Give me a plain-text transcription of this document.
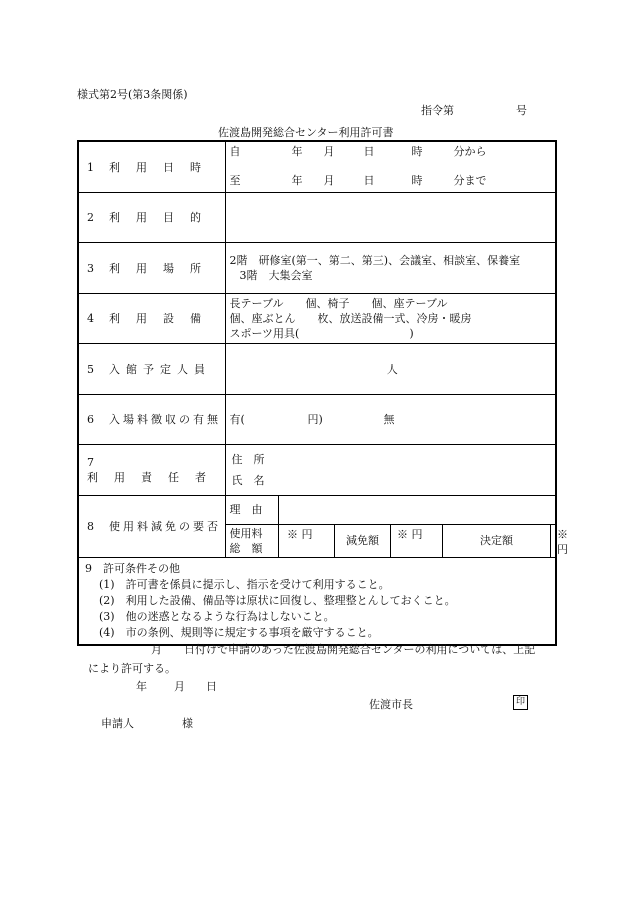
様式第2号(第3条関係)
指令第	号
佐渡島開発総合センター利用許可書
1 利用日時	
自	年 月	日	時	分から
至	年 月	日	時	分まで

2 利用目的	
3 利用場所	
2階　研修室(第一、第二、第三)、会議室、相談室、保養室
3階　大集会室

4 利用設備	
長テーブル　　個、椅子　　個、座テーブル
個、座ぶとん　　枚、放送設備一式、冷房・暖房
スポーツ用具(　　　　　　　　　　)

5 入館予定人員	人
6 入場料徴収の有無	有(	円)	無
7利用責任者	
住　所
氏　名

8 使用料減免の要否	
理　由	

使用料
総　額
	※ 円	減免額	※ 円	決定額	※ 円

9　許可条件その他
(1)　許可書を係員に提示し、指示を受けて利用すること。
(2)　利用した設備、備品等は原状に回復し、整理整とんしておくこと。
(3)　他の迷惑となるような行為はしないこと。
(4)　市の条例、規則等に規定する事項を厳守すること。
月　　日付けで申請のあった佐渡島開発総合センターの利用については、上記
により許可する。
年 月 日
佐渡市長	印
申請人	様
